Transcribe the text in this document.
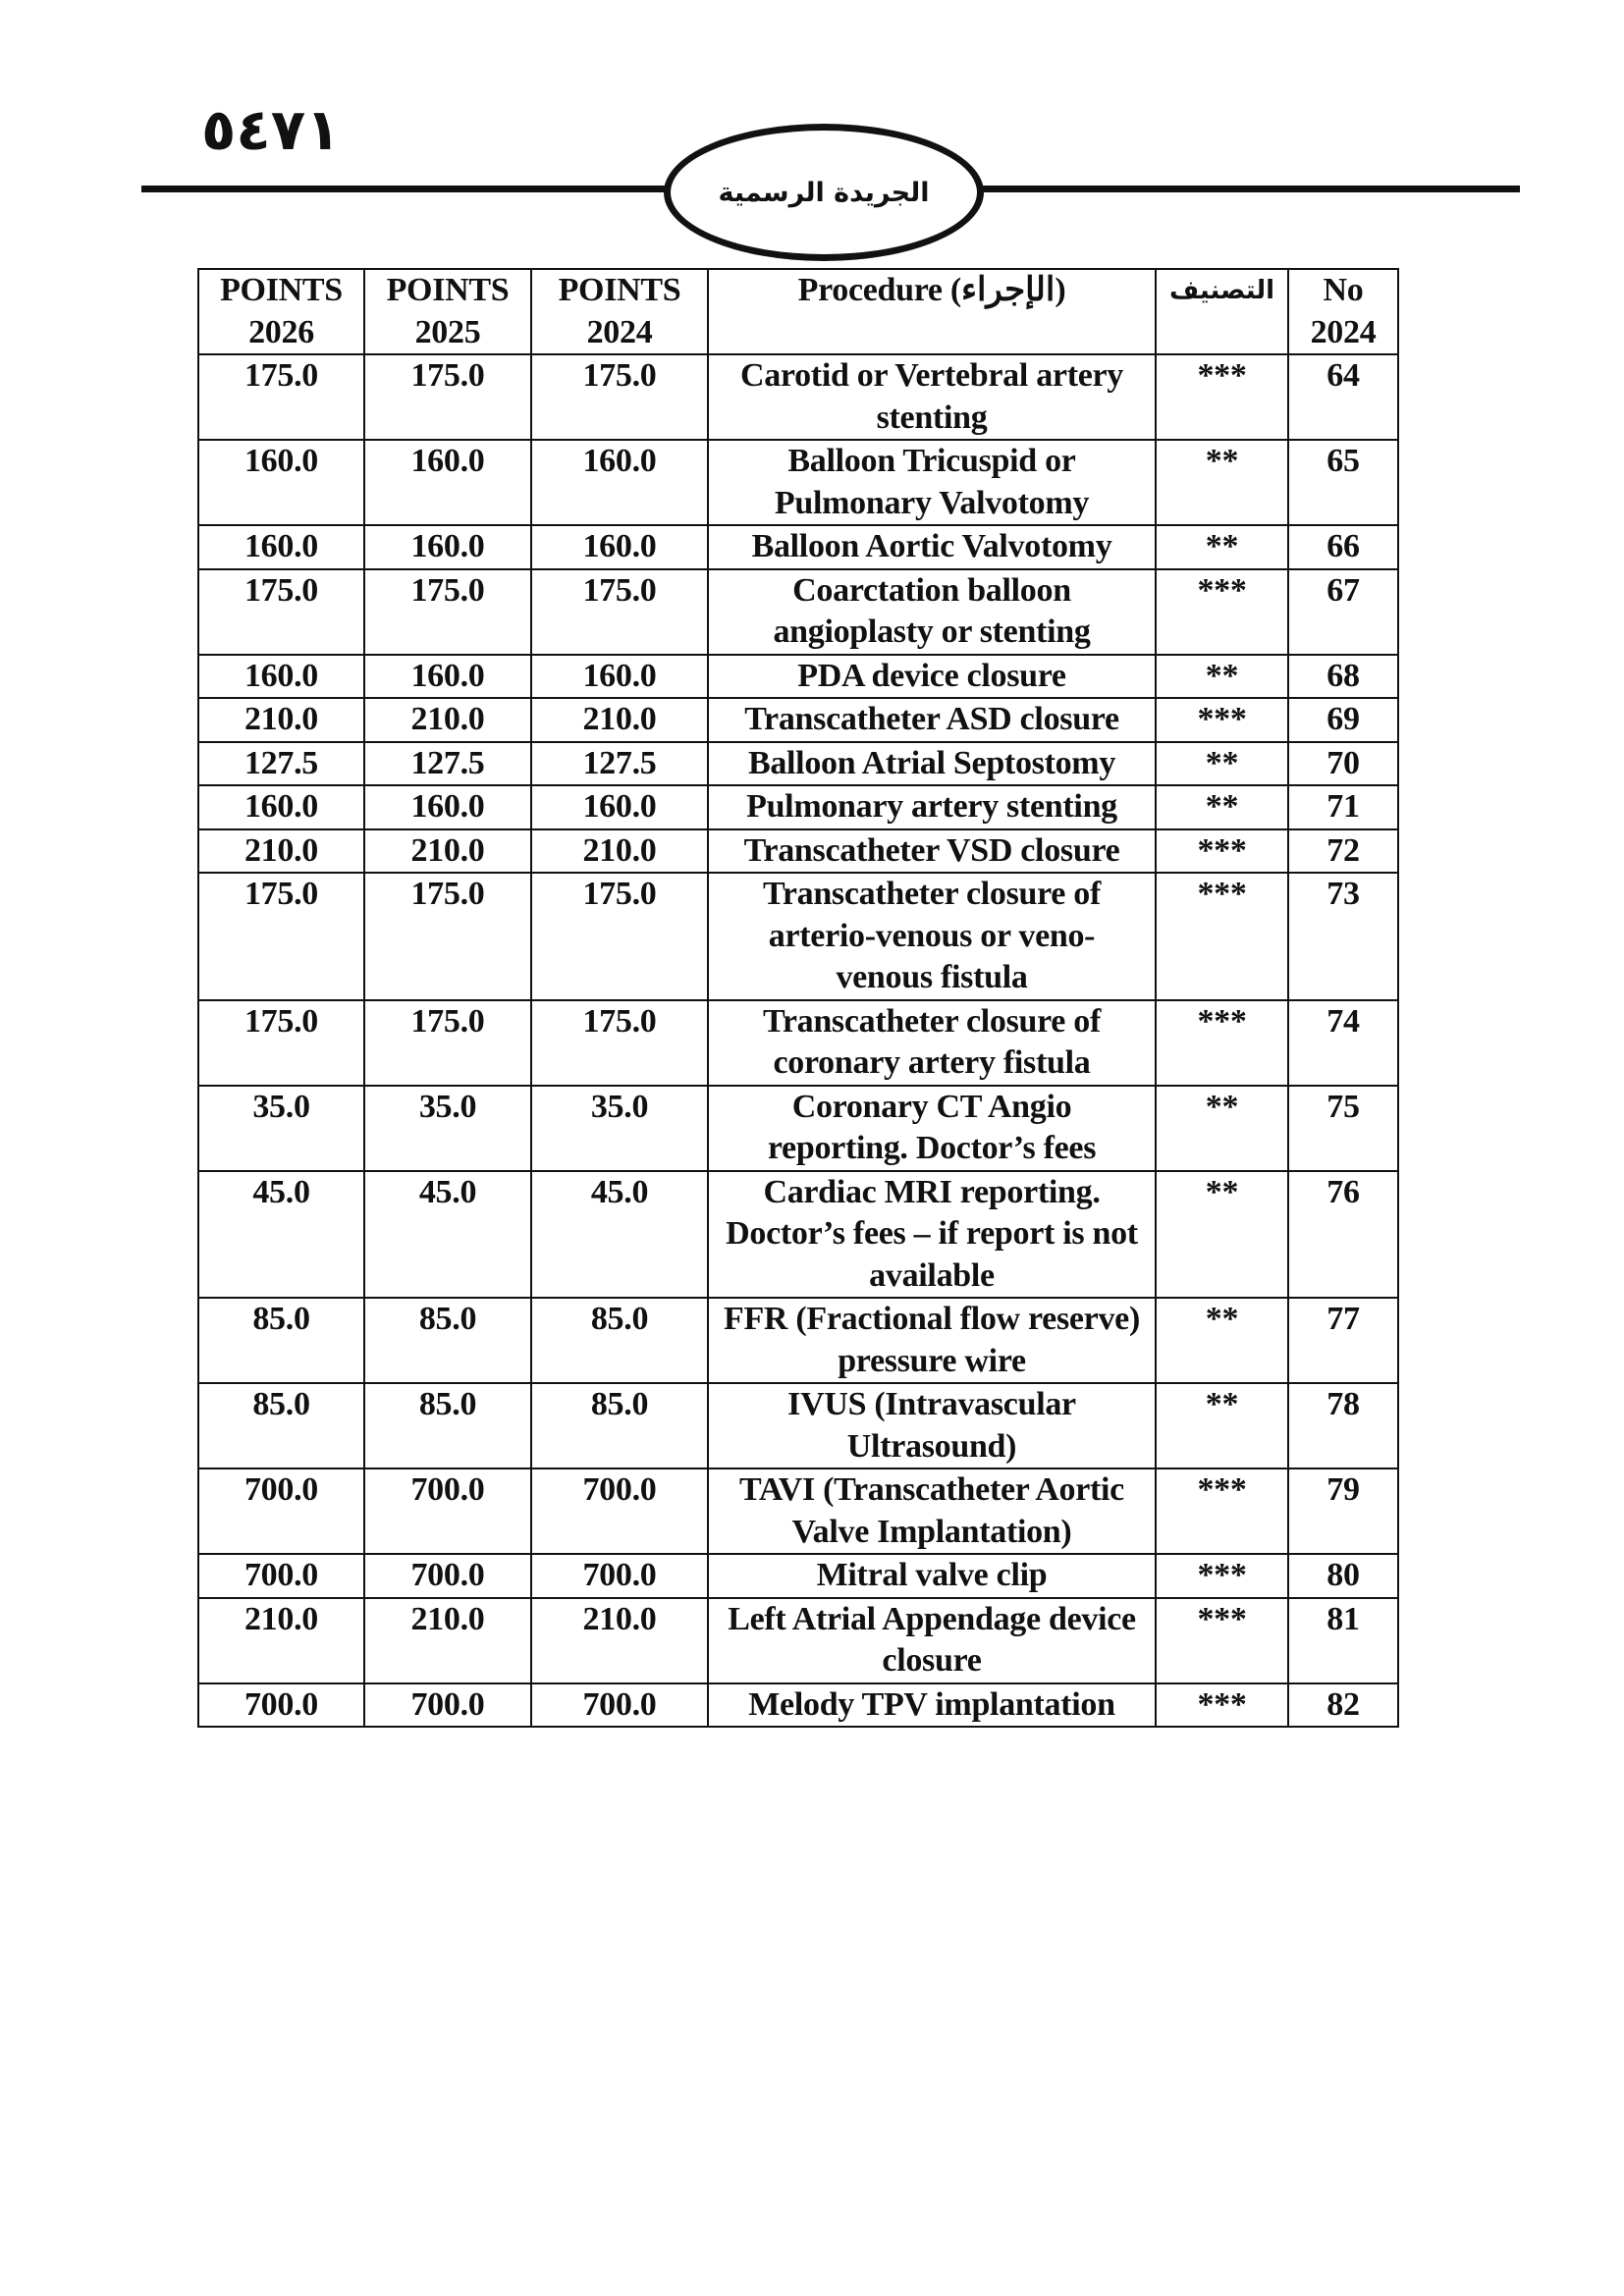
٥٤٧١
الجريدة الرسمية
POINTS 2026	POINTS 2025	POINTS 2024	Procedure (الإجراء)	التصنيف	No 2024
175.0	175.0	175.0	Carotid or Vertebral artery stenting	***	64
160.0	160.0	160.0	Balloon Tricuspid or Pulmonary Valvotomy	**	65
160.0	160.0	160.0	Balloon Aortic Valvotomy	**	66
175.0	175.0	175.0	Coarctation balloon angioplasty or stenting	***	67
160.0	160.0	160.0	PDA device closure	**	68
210.0	210.0	210.0	Transcatheter ASD closure	***	69
127.5	127.5	127.5	Balloon Atrial Septostomy	**	70
160.0	160.0	160.0	Pulmonary artery stenting	**	71
210.0	210.0	210.0	Transcatheter VSD closure	***	72
175.0	175.0	175.0	Transcatheter closure of arterio-venous or veno-venous fistula	***	73
175.0	175.0	175.0	Transcatheter closure of coronary artery fistula	***	74
35.0	35.0	35.0	Coronary CT Angio reporting. Doctor’s fees	**	75
45.0	45.0	45.0	Cardiac MRI reporting. Doctor’s fees – if report is not available	**	76
85.0	85.0	85.0	FFR (Fractional flow reserve) pressure wire	**	77
85.0	85.0	85.0	IVUS (Intravascular Ultrasound)	**	78
700.0	700.0	700.0	TAVI (Transcatheter Aortic Valve Implantation)	***	79
700.0	700.0	700.0	Mitral valve clip	***	80
210.0	210.0	210.0	Left Atrial Appendage device closure	***	81
700.0	700.0	700.0	Melody TPV implantation	***	82
